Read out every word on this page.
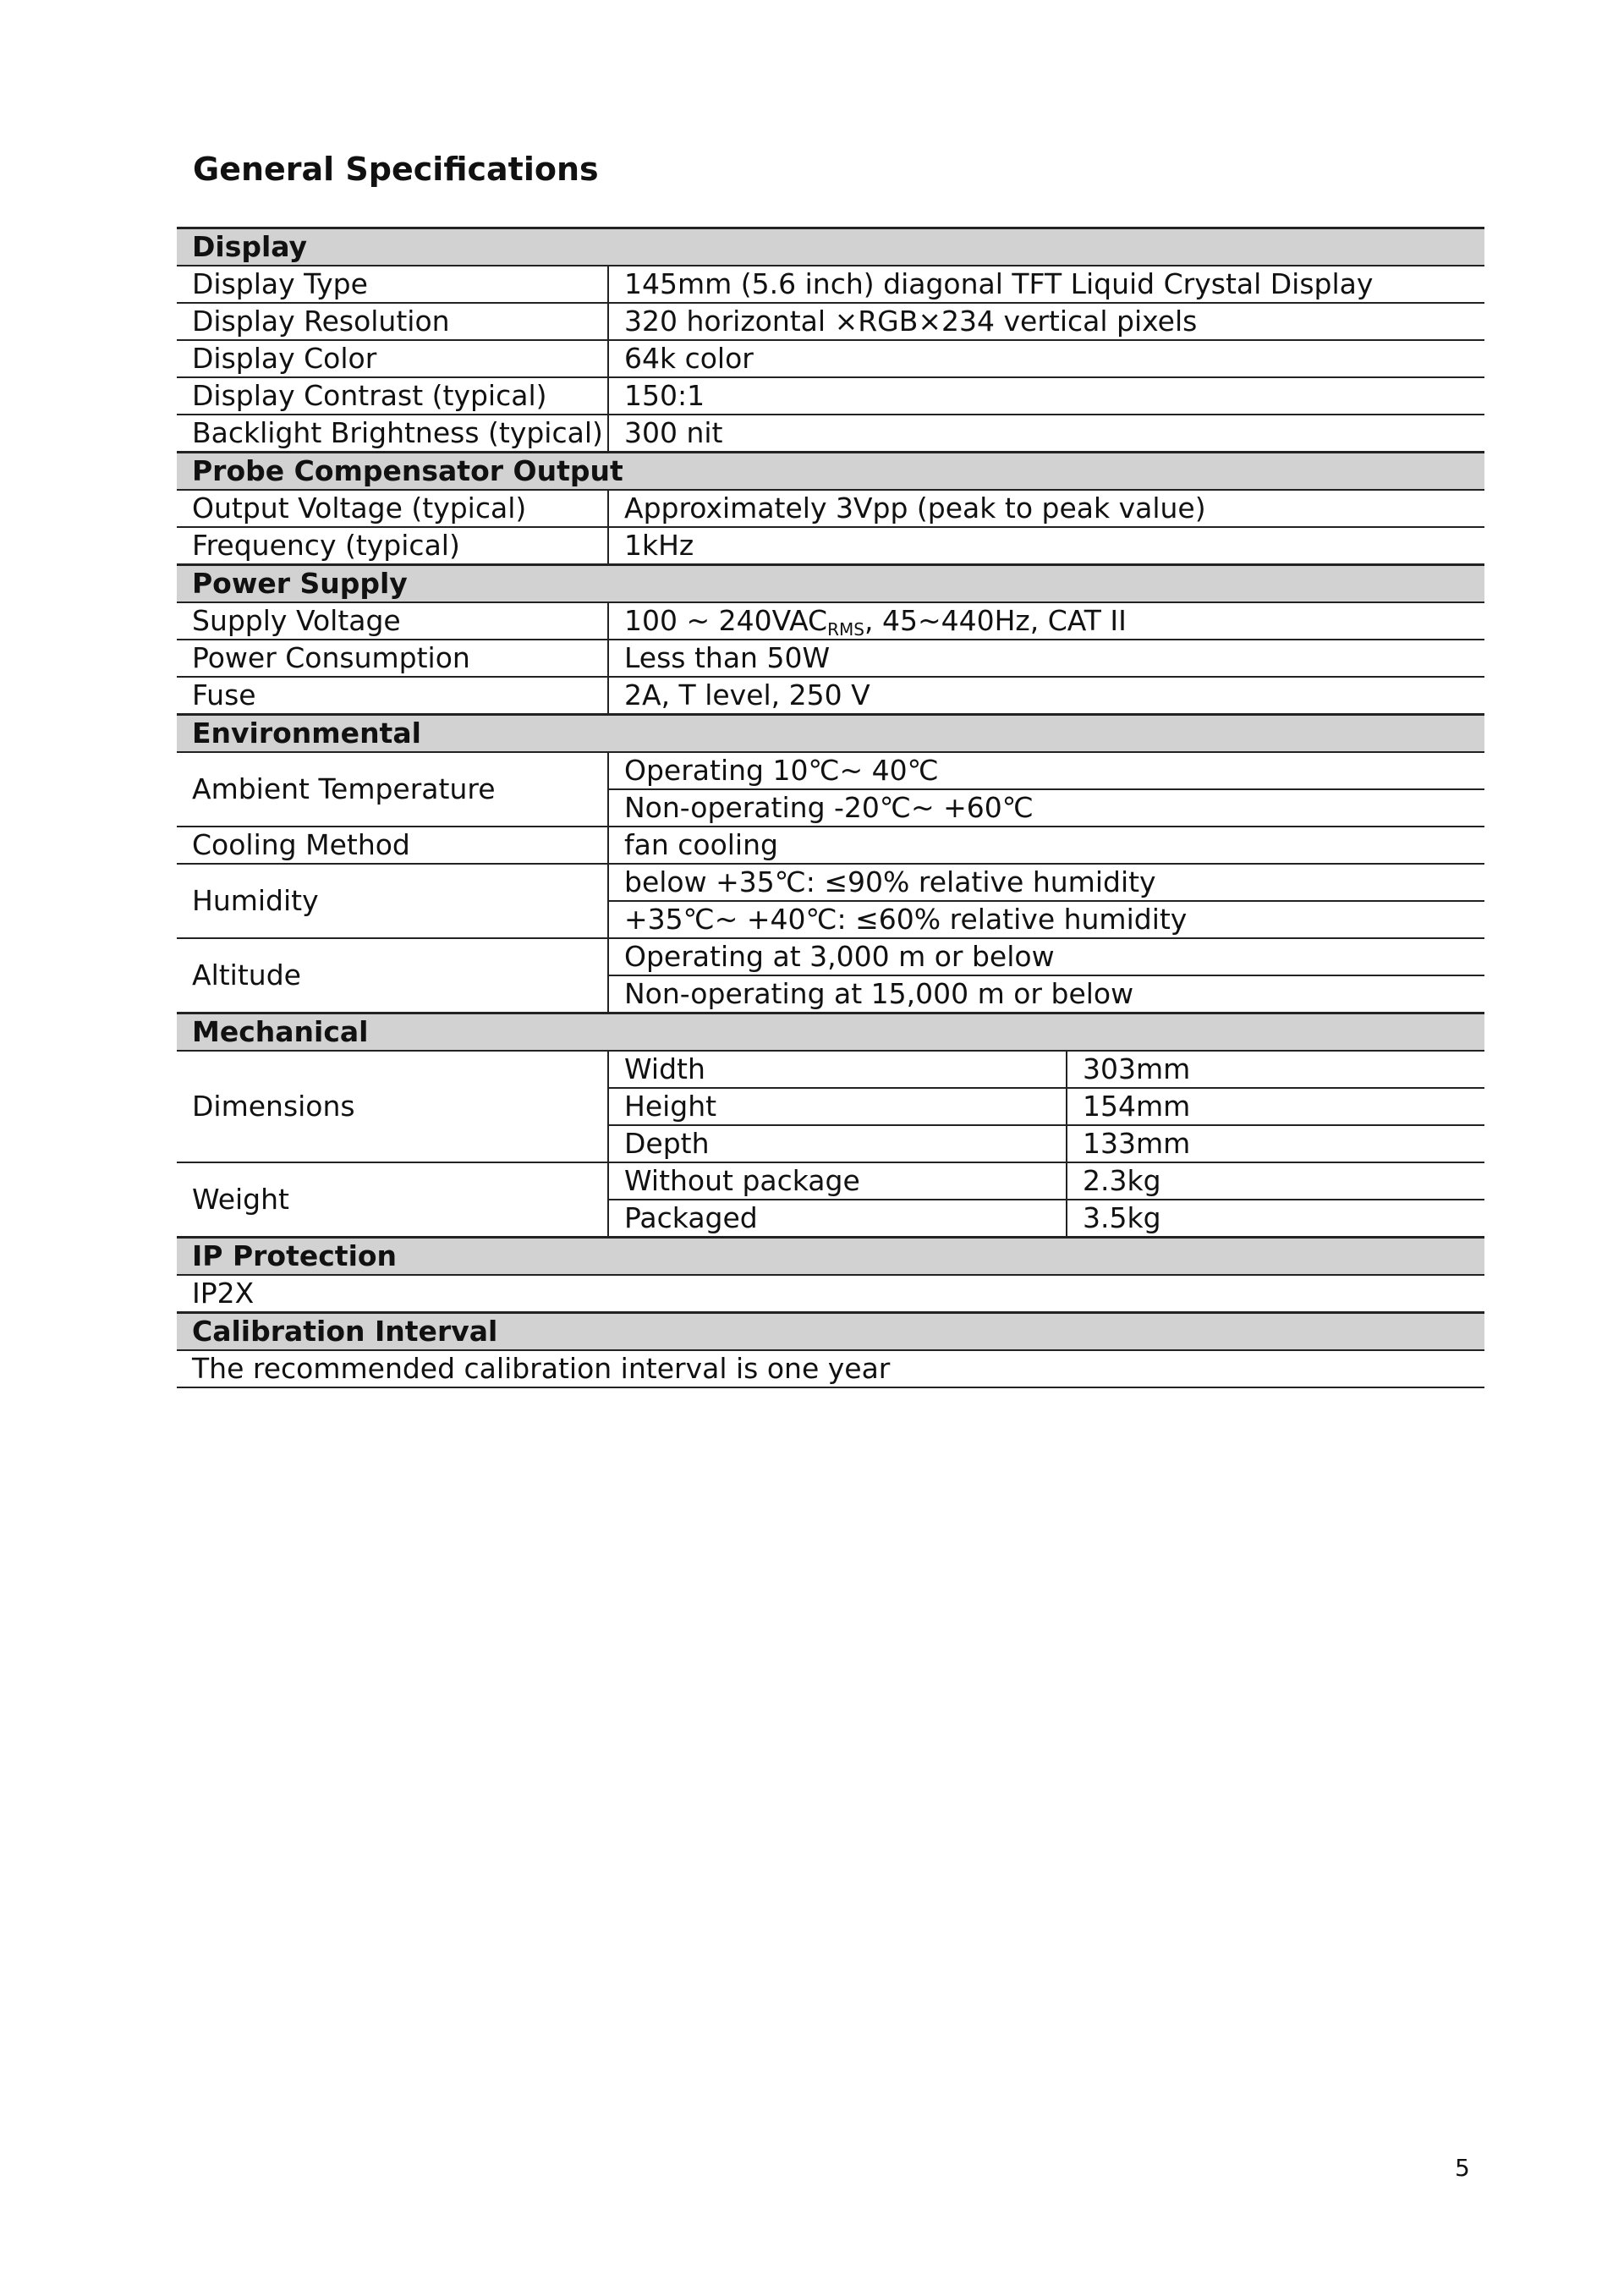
General Specifications
Display		
Display Type	145mm (5.6 inch) diagonal TFT Liquid Crystal Display	
Display Resolution	320 horizontal ×RGB×234 vertical pixels	
Display Color	64k color	
Display Contrast (typical)	150:1	
Backlight Brightness (typical)	300 nit	
Probe Compensator Output		
Output Voltage (typical)	Approximately 3Vpp (peak to peak value)	
Frequency (typical)	1kHz	
Power Supply		
Supply Voltage	100 ~ $240VAC_{RMS}$, 45~440Hz, CAT II	
Power Consumption	Less than 50W	
Fuse	2A, T level, 250 V	
Environmental		
Ambient Temperature	Operating 10℃~ 40℃	
	Non-operating -20℃~ +60℃	
Cooling Method	fan cooling	
Humidity	below +35℃: ≤90% relative humidity	
	+35℃~ +40℃: ≤60% relative humidity	
Altitude	Operating at 3,000 m or below	
	Non-operating at 15,000 m or below	
Mechanical		
Dimensions	Width	303mm
	Height	154mm
	Depth	133mm
Weight	Without package	2.3kg
	Packaged	3.5kg
IP Protection		
IP2X		
Calibration Interval		
The recommended calibration interval is one year		
5
